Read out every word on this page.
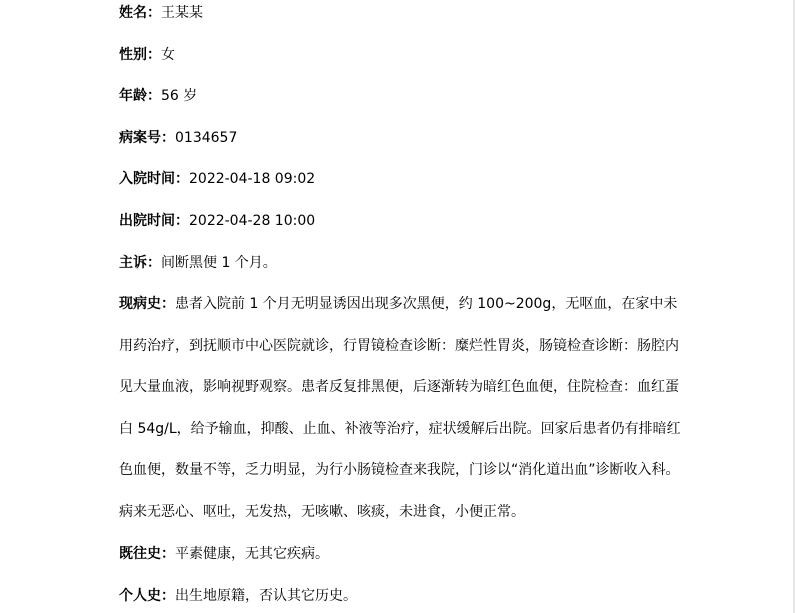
姓名：王某某

性别：女

年龄：56 岁

病案号：0134657

入院时间：2022-04-18 09:02

出院时间：2022-04-28 10:00

主诉：间断黑便 1 个月。

现病史：患者入院前 1 个月无明显诱因出现多次黑便，约 100~200g，无呕血，在家中未
用药治疗，到抚顺市中心医院就诊，行胃镜检查诊断：糜烂性胃炎，肠镜检查诊断：肠腔内
见大量血液，影响视野观察。患者反复排黑便，后逐渐转为暗红色血便，住院检查：血红蛋
白 54g/L，给予输血，抑酸、止血、补液等治疗，症状缓解后出院。回家后患者仍有排暗红
色血便，数量不等，乏力明显，为行小肠镜检查来我院，门诊以“消化道出血”诊断收入科。
病来无恶心、呕吐，无发热，无咳嗽、咳痰，未进食，小便正常。

既往史：平素健康，无其它疾病。

个人史：出生地原籍，否认其它历史。
